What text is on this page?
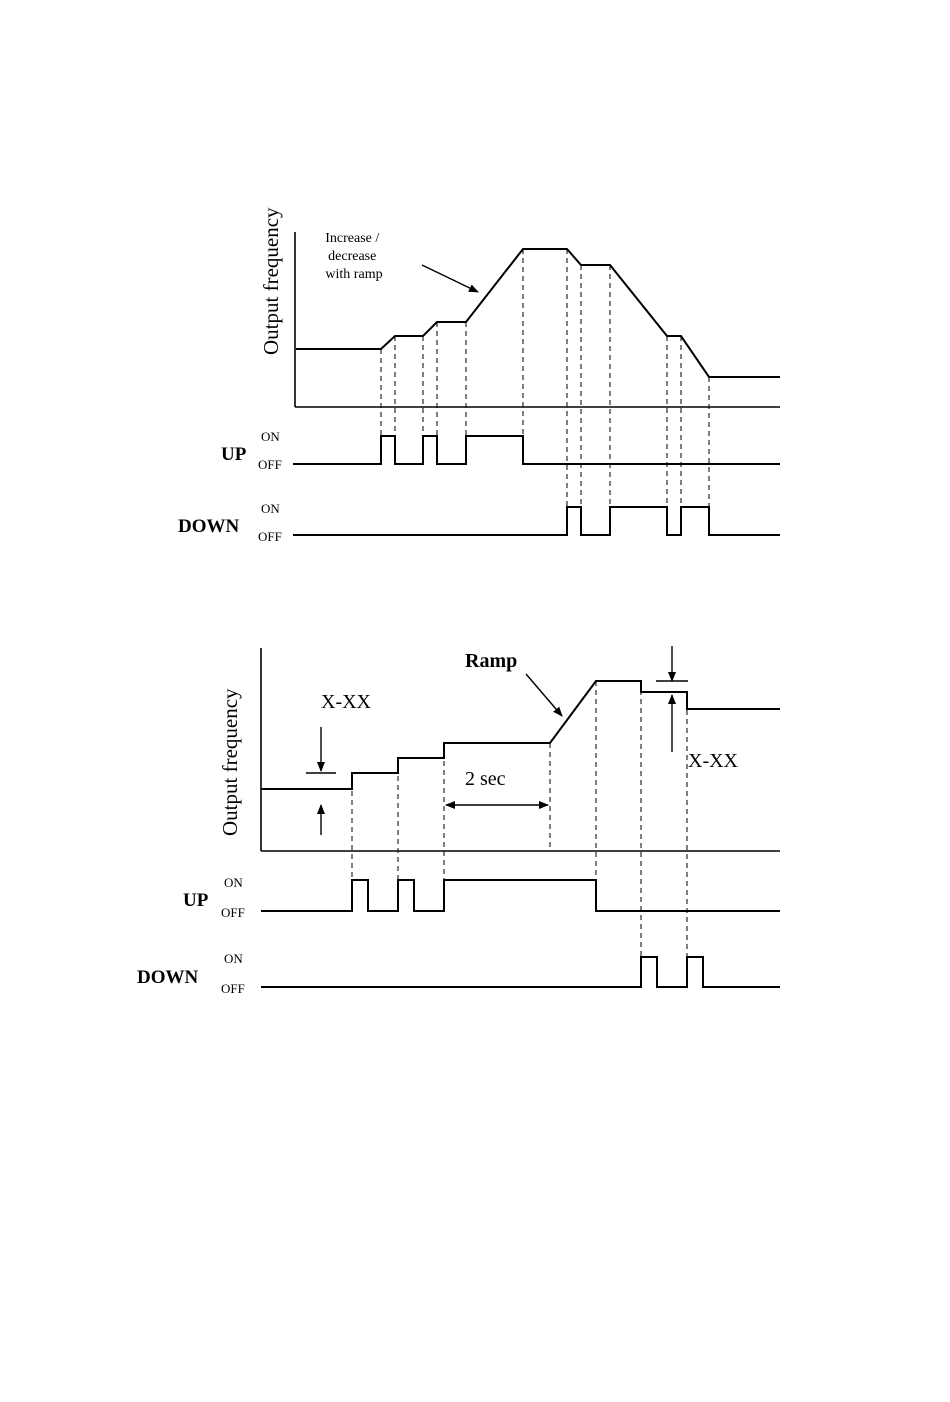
Output frequency	Increase / decrease with ramp
UP
ON
OFF
DOWN
ON
OFF
Output frequency	X-XX
Ramp
2 sec
X-XX
UP
ON
OFF
DOWN
ON
OFF
